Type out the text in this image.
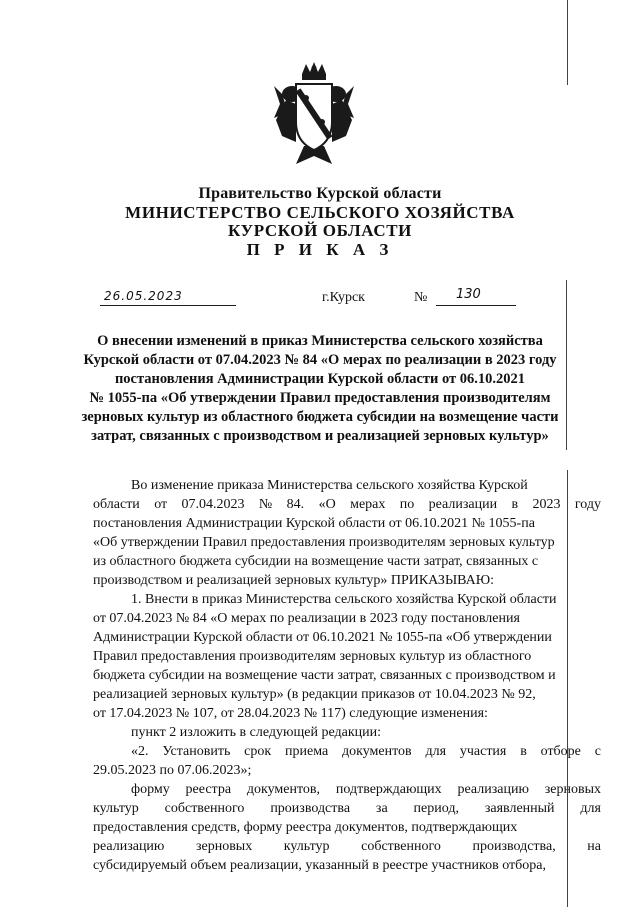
Правительство Курской области
МИНИСТЕРСТВО СЕЛЬСКОГО ХОЗЯЙСТВА
КУРСКОЙ ОБЛАСТИ
П Р И К А З
26.05.2023	г.Курск	№ 130
О внесении изменений в приказ Министерства сельского хозяйства
Курской области от 07.04.2023 № 84 «О мерах по реализации в 2023 году
постановления Администрации Курской области от 06.10.2021
№ 1055-па «Об утверждении Правил предоставления производителям
зерновых культур из областного бюджета субсидии на возмещение части
затрат, связанных с производством и реализацией зерновых культур»
Во изменение приказа Министерства сельского хозяйства Курской
области от 07.04.2023 № 84. «О мерах по реализации в 2023 году
постановления Администрации Курской области от 06.10.2021 № 1055-па
«Об утверждении Правил предоставления производителям зерновых культур
из областного бюджета субсидии на возмещение части затрат, связанных с
производством и реализацией зерновых культур» ПРИКАЗЫВАЮ:
1. Внести в приказ Министерства сельского хозяйства Курской области
от 07.04.2023 № 84 «О мерах по реализации в 2023 году постановления
Администрации Курской области от 06.10.2021 № 1055-па «Об утверждении
Правил предоставления производителям зерновых культур из областного
бюджета субсидии на возмещение части затрат, связанных с производством и
реализацией зерновых культур» (в редакции приказов от 10.04.2023 № 92,
от 17.04.2023 № 107, от 28.04.2023 № 117) следующие изменения:
пункт 2 изложить в следующей редакции:
«2. Установить срок приема документов для участия в отборе с
29.05.2023 по 07.06.2023»;
форму реестра документов, подтверждающих реализацию зерновых
культур собственного производства за период, заявленный для
предоставления средств, форму реестра документов, подтверждающих
реализацию зерновых культур собственного производства, на
субсидируемый объем реализации, указанный в реестре участников отбора,
